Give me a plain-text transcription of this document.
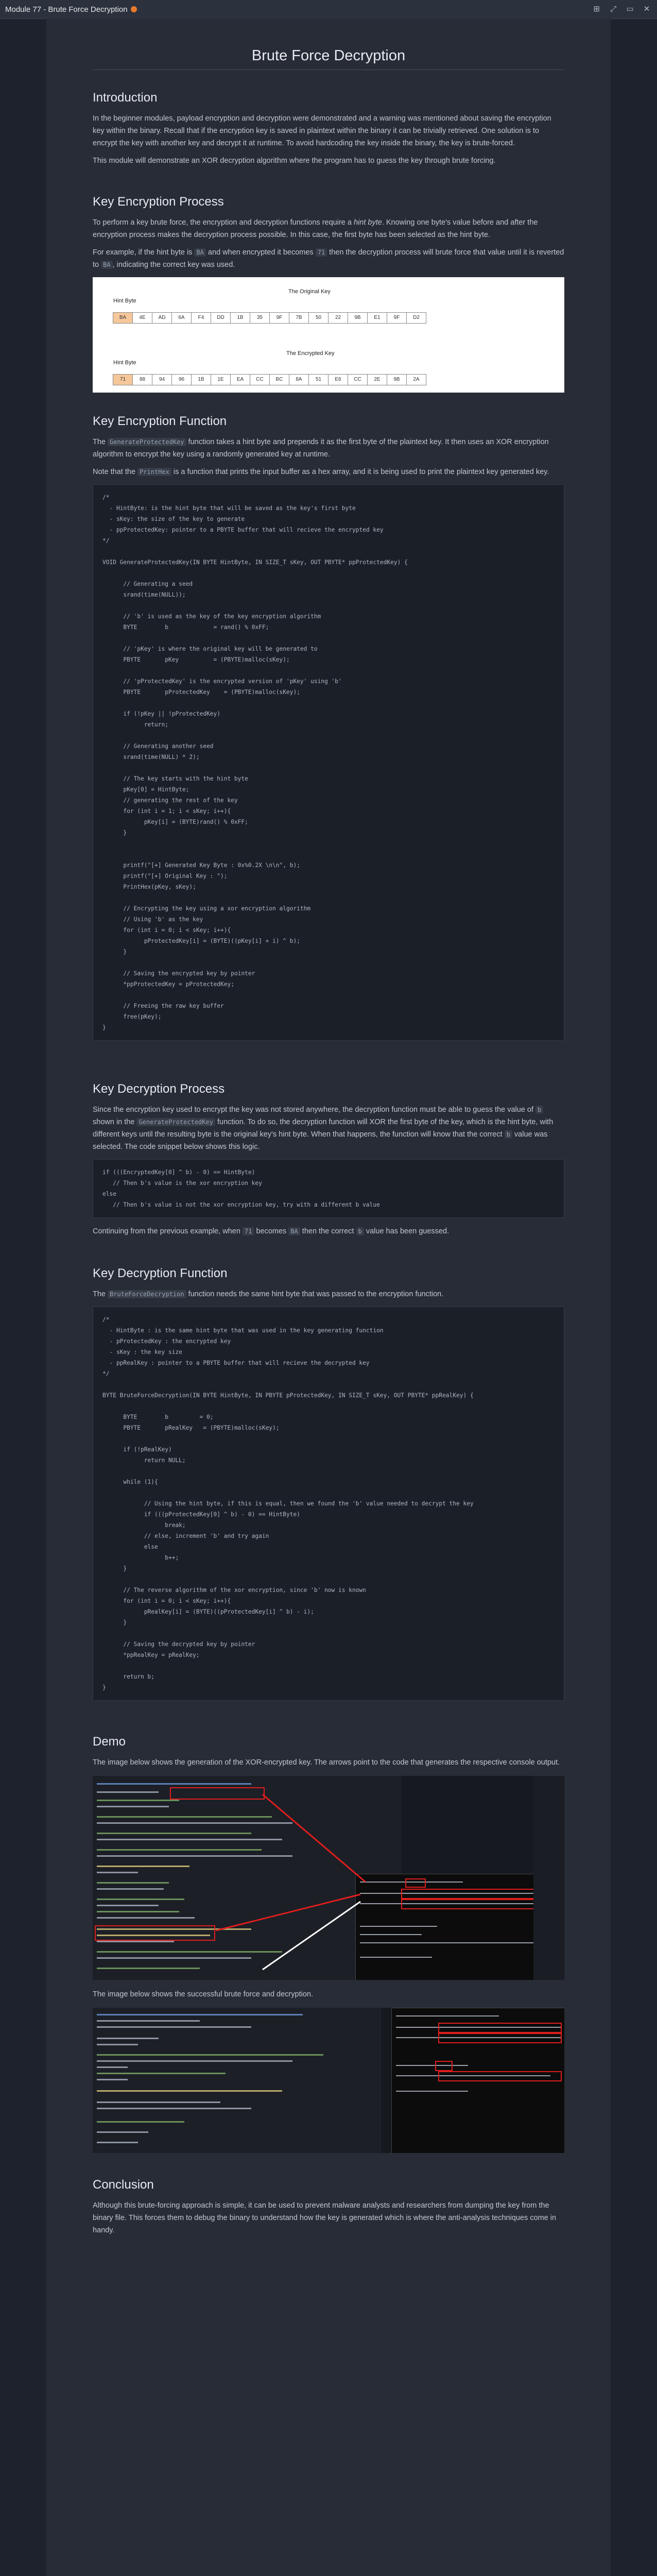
Module 77 - Brute Force Decryption	⊞ ⤢ ▭ ✕
Brute Force Decryption
Introduction

In the beginner modules, payload encryption and decryption were demonstrated and a warning was mentioned about saving the encryption key within the binary. Recall that if the encryption key is saved in plaintext within the binary it can be trivially retrieved. One solution is to encrypt the key with another key and decrypt it at runtime. To avoid hardcoding the key inside the binary, the key is brute-forced.

This module will demonstrate an XOR decryption algorithm where the program has to guess the key through brute forcing.

Key Encryption Process

To perform a key brute force, the encryption and decryption functions require a hint byte. Knowing one byte's value before and after the encryption process makes the decryption process possible. In this case, the first byte has been selected as the hint byte.

For example, if the hint byte is BA and when encrypted it becomes 71 then the decryption process will brute force that value until it is reverted to BA , indicating the correct key was used.

Hint Byte
The Original Key
BA	4E	AD	6A	F4	DD	1B	35	9F	7B	50	22	9B	E1	9F	D2
Hint Byte
The Encrypted Key
71	88	94	96	1B	1E	EA	CC	BC	8A	51	E6	CC	2E	9B	2A
Key Encryption Function

The GenerateProtectedKey function takes a hint byte and prepends it as the first byte of the plaintext key. It then uses an XOR encryption algorithm to encrypt the key using a randomly generated key at runtime.

Note that the PrintHex is a function that prints the input buffer as a hex array, and it is being used to print the plaintext key generated key.

/*
- HintByte: is the hint byte that will be saved as the key's first byte
- sKey: the size of the key to generate
- ppProtectedKey: pointer to a PBYTE buffer that will recieve the encrypted key
*/

VOID GenerateProtectedKey(IN BYTE HintByte, IN SIZE_T sKey, OUT PBYTE* ppProtectedKey) {

// Generating a seed
srand(time(NULL));

// 'b' is used as the key of the key encryption algorithm
BYTE        b             = rand() % 0xFF;

// 'pKey' is where the original key will be generated to
PBYTE       pKey          = (PBYTE)malloc(sKey);

// 'pProtectedKey' is the encrypted version of 'pKey' using 'b'
PBYTE       pProtectedKey    = (PBYTE)malloc(sKey);

if (!pKey || !pProtectedKey)
return;

// Generating another seed
srand(time(NULL) * 2);

// The key starts with the hint byte
pKey[0] = HintByte;
// generating the rest of the key
for (int i = 1; i < sKey; i++){
pKey[i] = (BYTE)rand() % 0xFF;
}

printf("[+] Generated Key Byte : 0x%0.2X \n\n", b);
printf("[+] Original Key : ");
PrintHex(pKey, sKey);

// Encrypting the key using a xor encryption algorithm
// Using 'b' as the key
for (int i = 0; i < sKey; i++){
pProtectedKey[i] = (BYTE)((pKey[i] + i) ^ b);
}

// Saving the encrypted key by pointer
*ppProtectedKey = pProtectedKey;

// Freeing the raw key buffer
free(pKey);
}
Key Decryption Process

Since the encryption key used to encrypt the key was not stored anywhere, the decryption function must be able to guess the value of b shown in the GenerateProtectedKey function. To do so, the decryption function will XOR the first byte of the key, which is the hint byte, with different keys until the resulting byte is the original key's hint byte. When that happens, the function will know that the correct b value was selected. The code snippet below shows this logic.

if (((EncryptedKey[0] ^ b) - 0) == HintByte)
// Then b's value is the xor encryption key
else
// Then b's value is not the xor encryption key, try with a different b value

Continuing from the previous example, when 71 becomes BA then the correct b value has been guessed.

Key Decryption Function

The BruteForceDecryption function needs the same hint byte that was passed to the encryption function.

/*
- HintByte : is the same hint byte that was used in the key generating function
- pProtectedKey : the encrypted key
- sKey : the key size
- ppRealKey : pointer to a PBYTE buffer that will recieve the decrypted key
*/

BYTE BruteForceDecryption(IN BYTE HintByte, IN PBYTE pProtectedKey, IN SIZE_T sKey, OUT PBYTE* ppRealKey) {

BYTE        b         = 0;
PBYTE       pRealKey   = (PBYTE)malloc(sKey);

if (!pRealKey)
return NULL;

while (1){

// Using the hint byte, if this is equal, then we found the 'b' value needed to decrypt the key
if (((pProtectedKey[0] ^ b) - 0) == HintByte)
break;
// else, increment 'b' and try again
else
b++;
}

// The reverse algorithm of the xor encryption, since 'b' now is known
for (int i = 0; i < sKey; i++){
pRealKey[i] = (BYTE)((pProtectedKey[i] ^ b) - i);
}

// Saving the decrypted key by pointer
*ppRealKey = pRealKey;

return b;
}
Demo

The image below shows the generation of the XOR-encrypted key. The arrows point to the code that generates the respective console output.

The image below shows the successful brute force and decryption.

Conclusion

Although this brute-forcing approach is simple, it can be used to prevent malware analysts and researchers from dumping the key from the binary file. This forces them to debug the binary to understand how the key is generated which is where the anti-analysis techniques come in handy.
